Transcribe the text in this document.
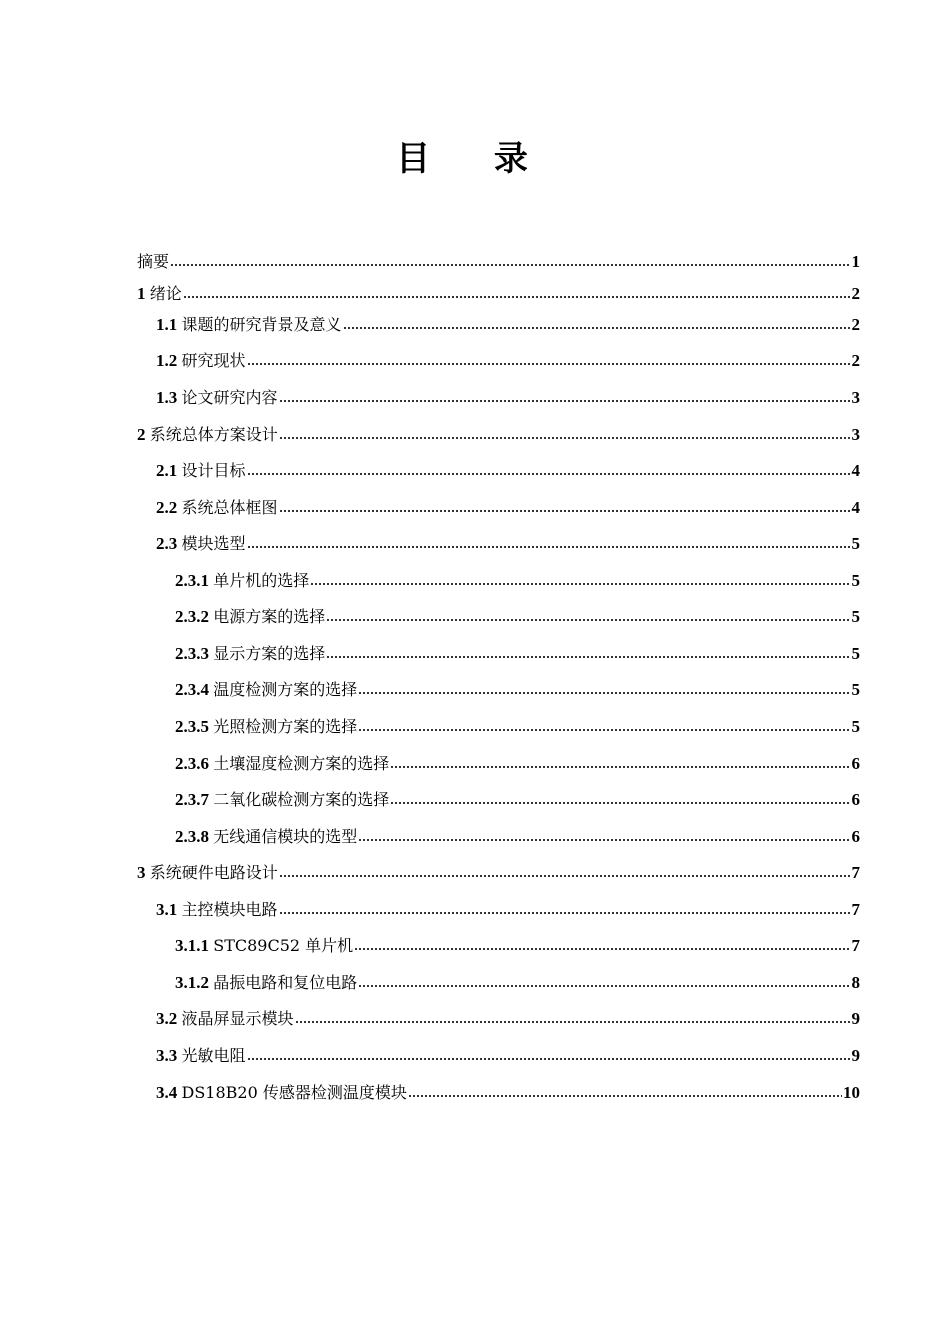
目 录
摘要	1
1 绪论	2
1.1 课题的研究背景及意义	2
1.2 研究现状	2
1.3 论文研究内容	3
2 系统总体方案设计	3
2.1 设计目标	4
2.2 系统总体框图	4
2.3 模块选型	5
2.3.1 单片机的选择	5
2.3.2 电源方案的选择	5
2.3.3 显示方案的选择	5
2.3.4 温度检测方案的选择	5
2.3.5 光照检测方案的选择	5
2.3.6 土壤湿度检测方案的选择	6
2.3.7 二氧化碳检测方案的选择	6
2.3.8 无线通信模块的选型	6
3 系统硬件电路设计	7
3.1 主控模块电路	7
3.1.1 STC89C52 单片机	7
3.1.2 晶振电路和复位电路	8
3.2 液晶屏显示模块	9
3.3 光敏电阻	9
3.4 DS18B20 传感器检测温度模块	10
